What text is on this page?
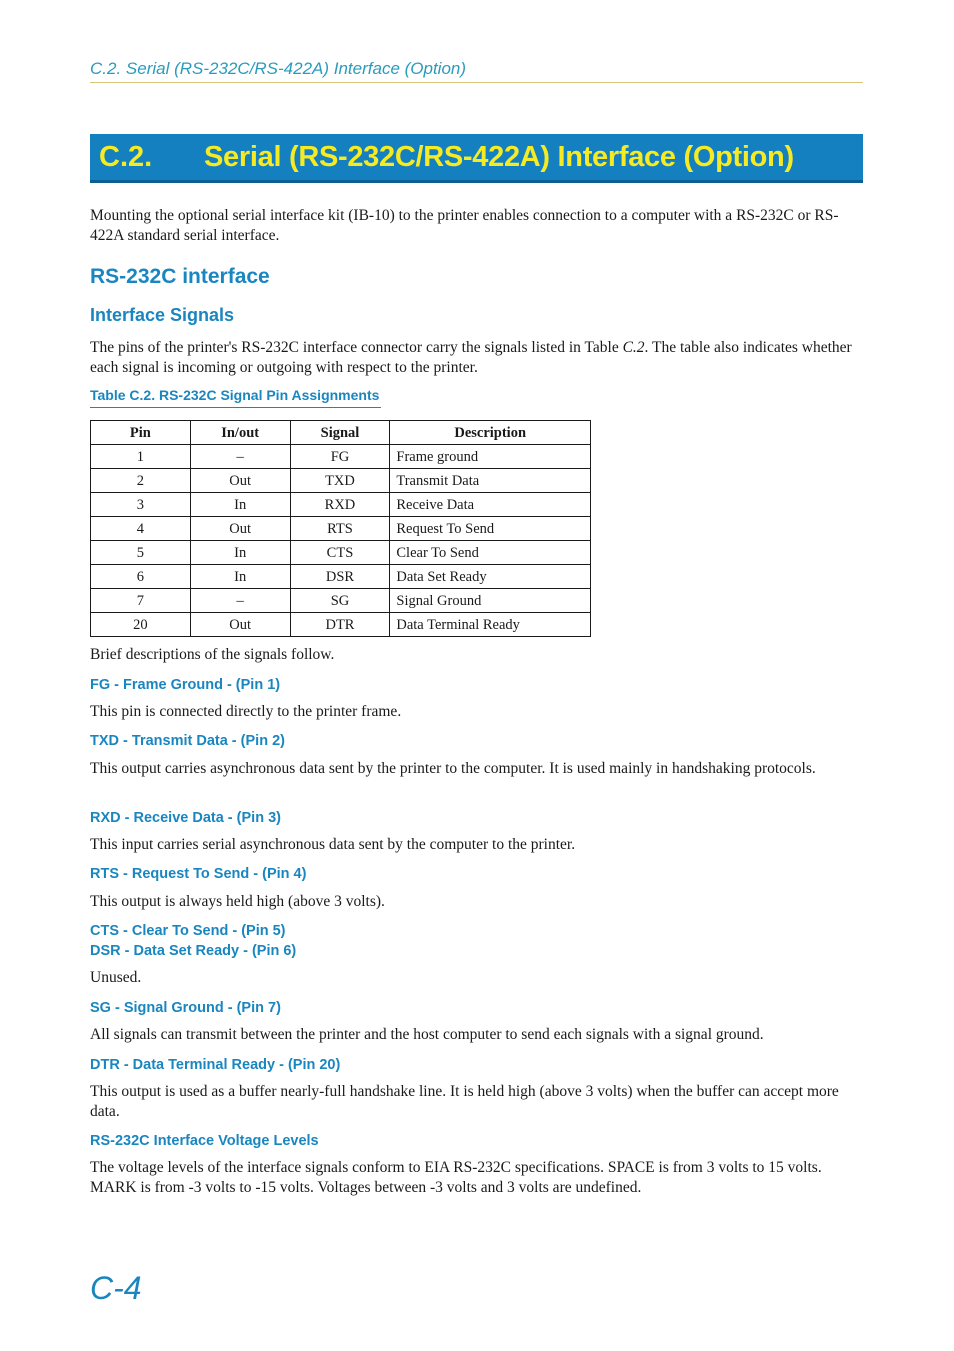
C.2. Serial (RS-232C/RS-422A) Interface (Option)
C.2. Serial (RS-232C/RS-422A) Interface (Option)
Mounting the optional serial interface kit (IB-10) to the printer enables connection to a computer with a RS-232C or RS-422A standard serial interface.
RS-232C interface
Interface Signals
The pins of the printer's RS-232C interface connector carry the signals listed in Table C.2. The table also indicates whether each signal is incoming or outgoing with respect to the printer.
Table C.2. RS-232C Signal Pin Assignments
Pin	In/out	Signal	Description
1	–	FG	Frame ground
2	Out	TXD	Transmit Data
3	In	RXD	Receive Data
4	Out	RTS	Request To Send
5	In	CTS	Clear To Send
6	In	DSR	Data Set Ready
7	–	SG	Signal Ground
20	Out	DTR	Data Terminal Ready
Brief descriptions of the signals follow.
FG - Frame Ground - (Pin 1)
This pin is connected directly to the printer frame.
TXD - Transmit Data - (Pin 2)
This output carries asynchronous data sent by the printer to the computer. It is used mainly in handshaking protocols.
RXD - Receive Data - (Pin 3)
This input carries serial asynchronous data sent by the computer to the printer.
RTS - Request To Send - (Pin 4)
This output is always held high (above 3 volts).
CTS - Clear To Send - (Pin 5)
DSR - Data Set Ready - (Pin 6)
Unused.
SG - Signal Ground - (Pin 7)
All signals can transmit between the printer and the host computer to send each signals with a signal ground.
DTR - Data Terminal Ready - (Pin 20)
This output is used as a buffer nearly-full handshake line. It is held high (above 3 volts) when the buffer can accept more data.
RS-232C Interface Voltage Levels
The voltage levels of the interface signals conform to EIA RS-232C specifications. SPACE is from 3 volts to 15 volts. MARK is from -3 volts to -15 volts. Voltages between -3 volts and 3 volts are undefined.
C-4
